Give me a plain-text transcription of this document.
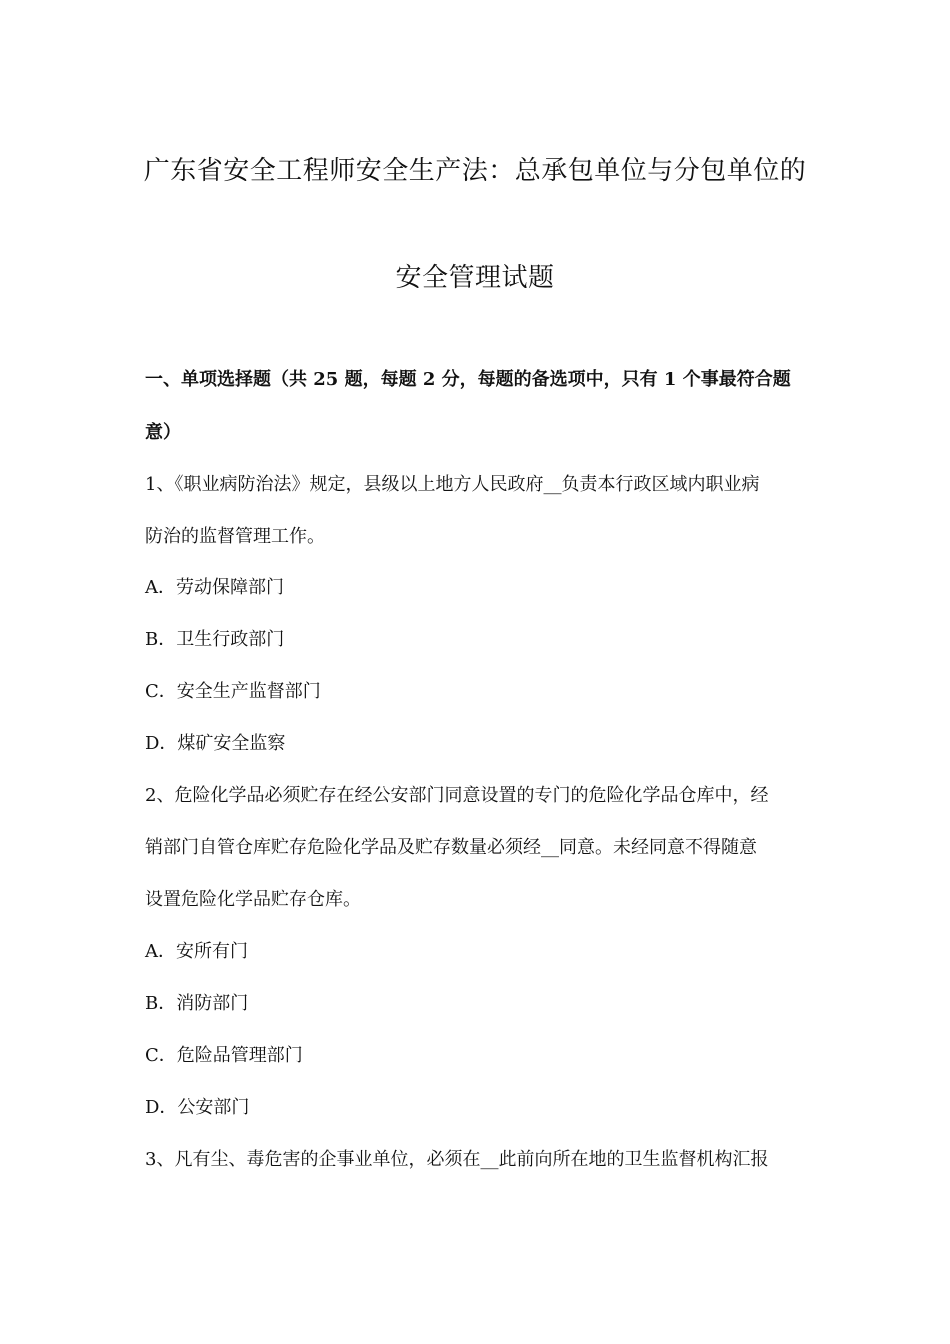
广东省安全工程师安全生产法：总承包单位与分包单位的
安全管理试题
一、单项选择题（共 25 题，每题 2 分，每题的备选项中，只有 1 个事最符合题
意）
1、《职业病防治法》规定，县级以上地方人民政府__负责本行政区域内职业病
防治的监督管理工作。
A．劳动保障部门
B．卫生行政部门
C．安全生产监督部门
D．煤矿安全监察
2、危险化学品必须贮存在经公安部门同意设置的专门的危险化学品仓库中，经
销部门自管仓库贮存危险化学品及贮存数量必须经__同意。未经同意不得随意
设置危险化学品贮存仓库。
A．安所有门
B．消防部门
C．危险品管理部门
D．公安部门
3、凡有尘、毒危害的企事业单位，必须在__此前向所在地的卫生监督机构汇报
